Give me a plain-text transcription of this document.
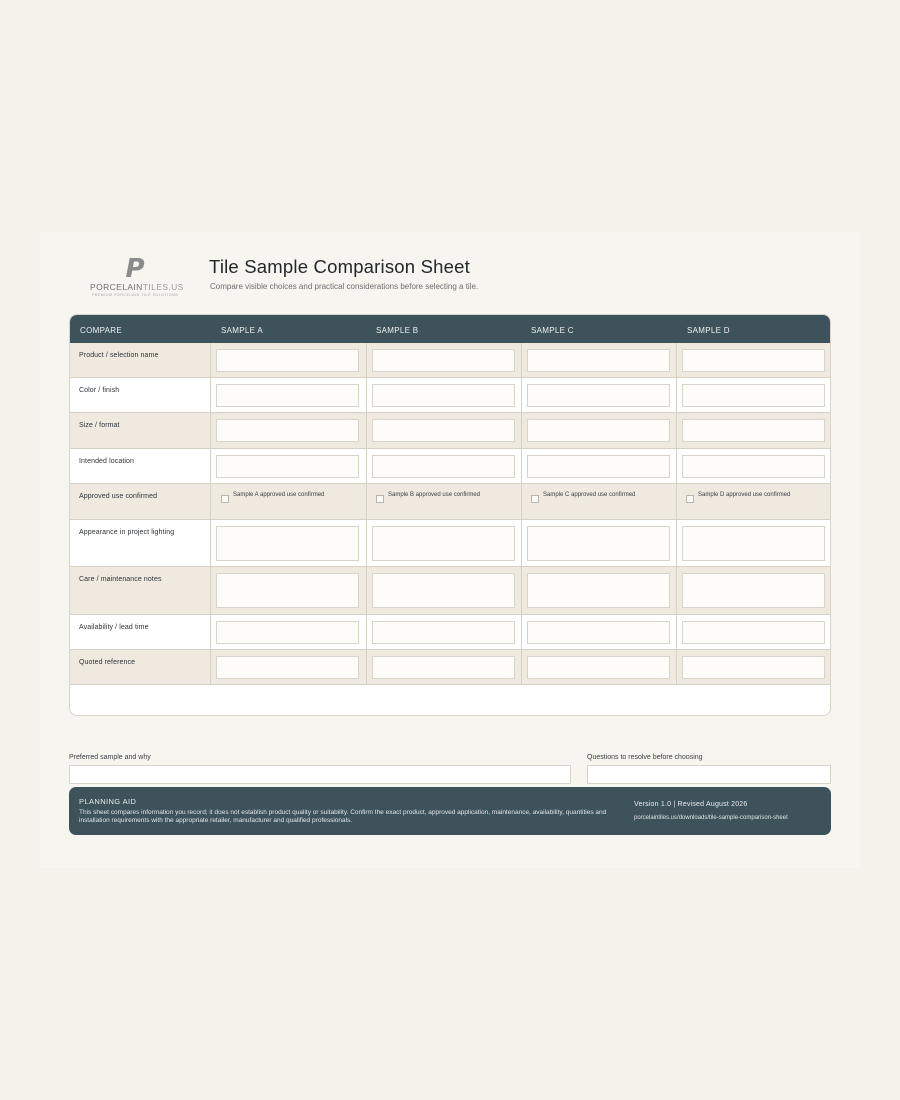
P
PORCELAINTILES.US
PREMIUM PORCELAIN TILE SOLUTIONS
Tile Sample Comparison Sheet
Compare visible choices and practical considerations before selecting a tile.
COMPARE	SAMPLE A	SAMPLE B	SAMPLE C	SAMPLE D
Product / selection name
Color / finish
Size / format
Intended location
Approved use confirmed	Sample A approved use confirmed	Sample B approved use confirmed	Sample C approved use confirmed	Sample D approved use confirmed
Appearance in project lighting
Care / maintenance notes
Availability / lead time
Quoted reference
Preferred sample and why	Questions to resolve before choosing
PLANNING AID
This sheet compares information you record; it does not establish product quality or suitability. Confirm the exact product, approved application, maintenance, availability, quantities and installation requirements with the appropriate retailer, manufacturer and qualified professionals.
Version 1.0 | Revised August 2026
porcelaintiles.us/downloads/tile-sample-comparison-sheet
